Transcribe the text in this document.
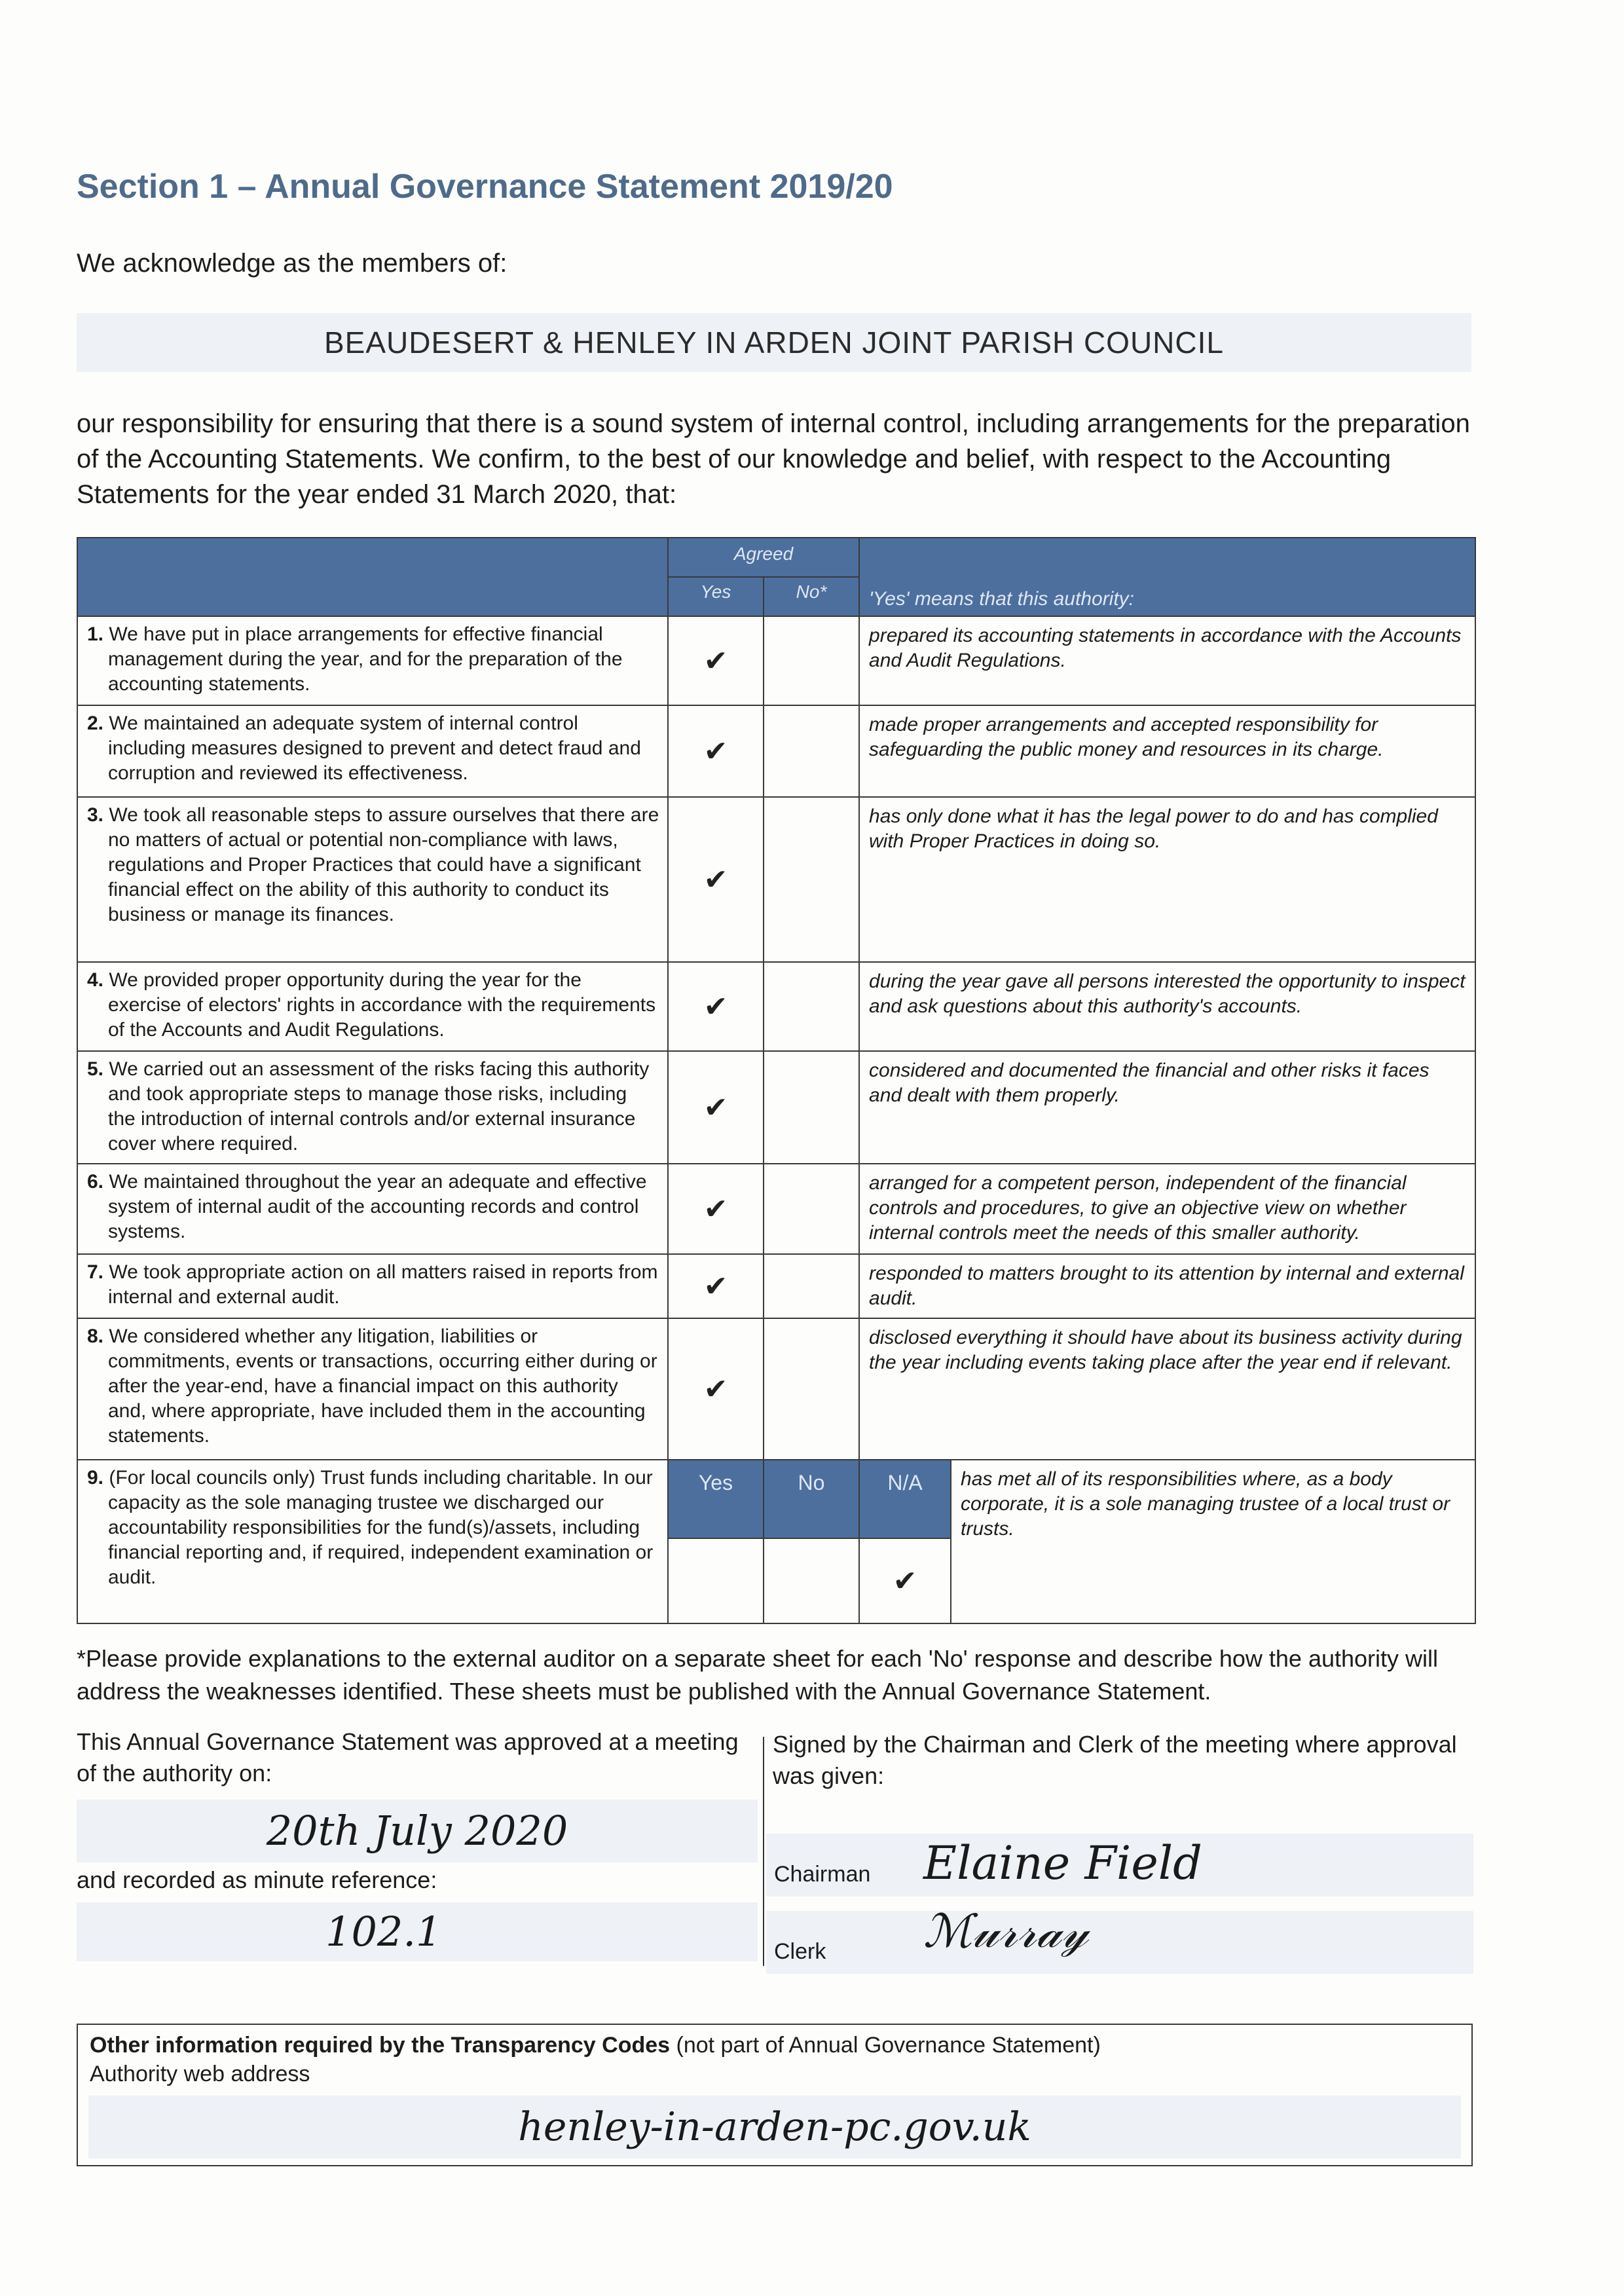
Section 1 – Annual Governance Statement 2019/20
We acknowledge as the members of:
BEAUDESERT & HENLEY IN ARDEN JOINT PARISH COUNCIL
our responsibility for ensuring that there is a sound system of internal control, including arrangements for the preparation of the Accounting Statements. We confirm, to the best of our knowledge and belief, with respect to the Accounting Statements for the year ended 31 March 2020, that:
	Agreed		'Yes' means that this authority:	
	Yes	No*		

1. We have put in place arrangements for effective financial management during the year, and for the preparation of the accounting statements.	✔		prepared its accounting statements in accordance with the Accounts and Audit Regulations.	

2. We maintained an adequate system of internal control including measures designed to prevent and detect fraud and corruption and reviewed its effectiveness.	✔		made proper arrangements and accepted responsibility for safeguarding the public money and resources in its charge.	

3. We took all reasonable steps to assure ourselves that there are no matters of actual or potential non-compliance with laws, regulations and Proper Practices that could have a significant financial effect on the ability of this authority to conduct its business or manage its finances.	✔		has only done what it has the legal power to do and has complied with Proper Practices in doing so.	

4. We provided proper opportunity during the year for the exercise of electors' rights in accordance with the requirements of the Accounts and Audit Regulations.	✔		during the year gave all persons interested the opportunity to inspect and ask questions about this authority's accounts.	

5. We carried out an assessment of the risks facing this authority and took appropriate steps to manage those risks, including the introduction of internal controls and/or external insurance cover where required.	✔		considered and documented the financial and other risks it faces and dealt with them properly.	

6. We maintained throughout the year an adequate and effective system of internal audit of the accounting records and control systems.	✔		arranged for a competent person, independent of the financial controls and procedures, to give an objective view on whether internal controls meet the needs of this smaller authority.	

7. We took appropriate action on all matters raised in reports from internal and external audit.	✔		responded to matters brought to its attention by internal and external audit.	

8. We considered whether any litigation, liabilities or commitments, events or transactions, occurring either during or after the year-end, have a financial impact on this authority and, where appropriate, have included them in the accounting statements.	✔		disclosed everything it should have about its business activity during the year including events taking place after the year end if relevant.	

9. (For local councils only) Trust funds including charitable. In our capacity as the sole managing trustee we discharged our accountability responsibilities for the fund(s)/assets, including financial reporting and, if required, independent examination or audit.	Yes	No	N/A	has met all of its responsibilities where, as a body corporate, it is a sole managing trustee of a local trust or trusts.
			✔	
*Please provide explanations to the external auditor on a separate sheet for each 'No' response and describe how the authority will address the weaknesses identified. These sheets must be published with the Annual Governance Statement.
This Annual Governance Statement was approved at a meeting of the authority on:
20th July 2020
and recorded as minute reference:
102.1
Signed by the Chairman and Clerk of the meeting where approval was given:
Chairman Elaine Field
Clerk ℳ𝓊𝓇𝓇𝒶𝓎
Other information required by the Transparency Codes (not part of Annual Governance Statement)
Authority web address
henley-in-arden-pc.gov.uk
